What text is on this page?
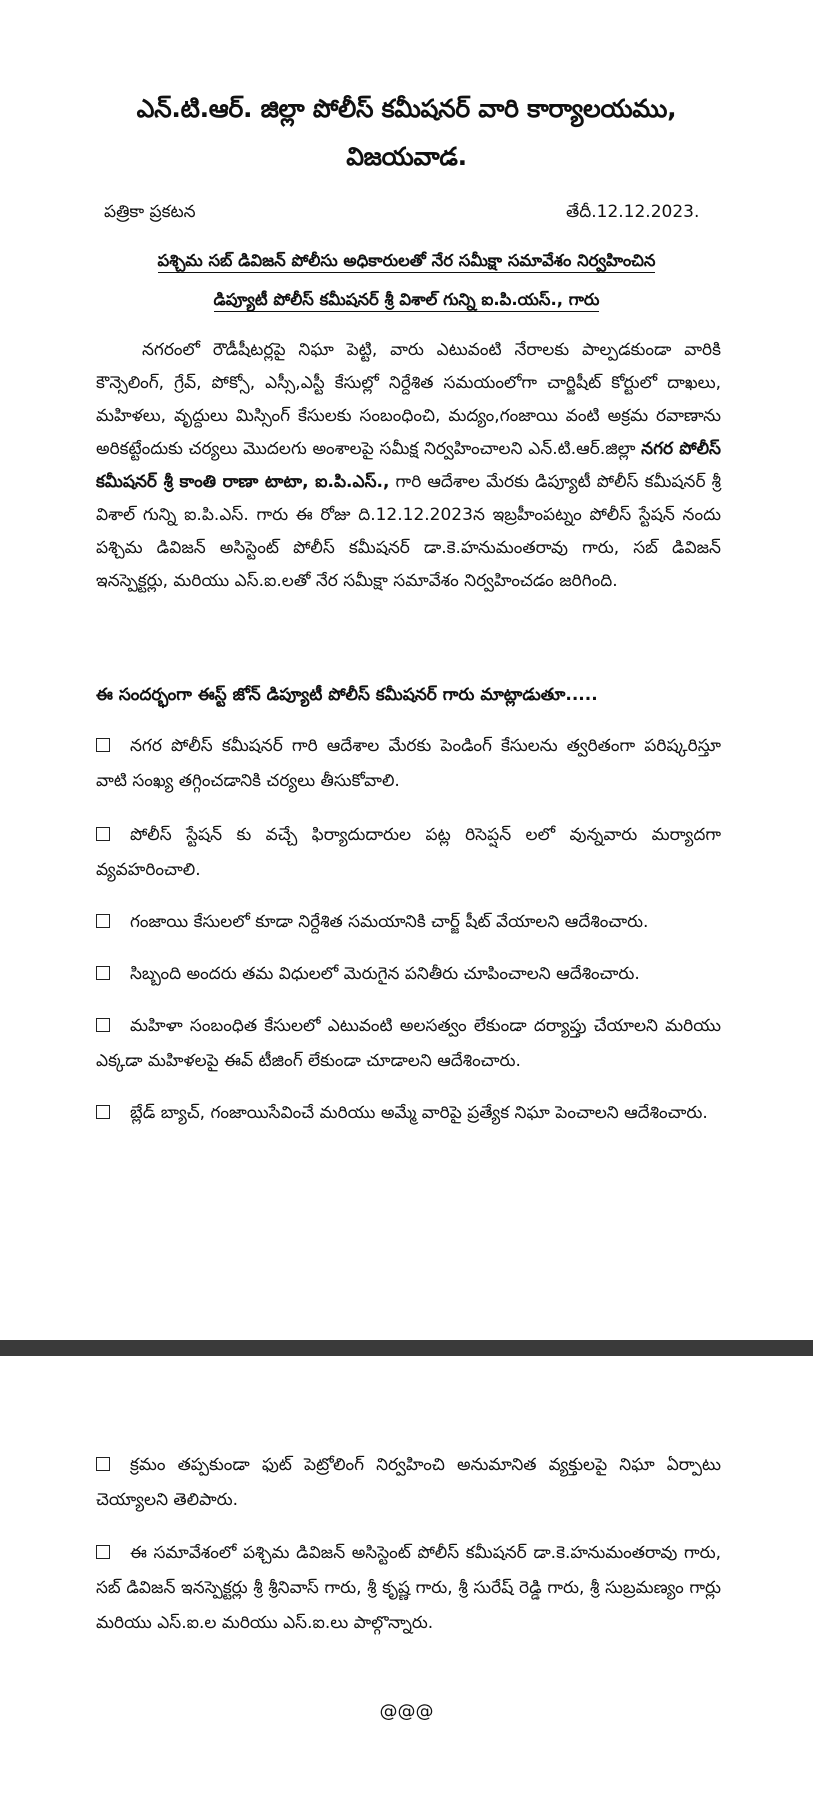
ఎన్.టి.ఆర్. జిల్లా పోలీస్ కమీషనర్ వారి కార్యాలయము,
విజయవాడ.
పత్రికా ప్రకటన	తేదీ.12.12.2023.
పశ్చిమ సబ్ డివిజన్ పోలీసు అధికారులతో నేర సమీక్షా సమావేశం నిర్వహించిన
డిప్యూటీ పోలీస్ కమీషనర్ శ్రీ విశాల్ గున్ని ఐ.పి.యస్., గారు
నగరంలో రౌడీషీటర్లపై నిఘా పెట్టి, వారు ఎటువంటి నేరాలకు పాల్పడకుండా వారికి కౌన్సెలింగ్, గ్రేవ్, పోక్సో, ఎస్సీ,ఎస్టీ కేసుల్లో నిర్దేశిత సమయంలోగా చార్జిషీట్ కోర్టులో దాఖలు, మహిళలు, వృద్దులు మిస్సింగ్ కేసులకు సంబంధించి, మద్యం,గంజాయి వంటి అక్రమ రవాణాను అరికట్టేందుకు చర్యలు మొదలగు అంశాలపై సమీక్ష నిర్వహించాలని ఎన్.టి.ఆర్.జిల్లా నగర పోలీస్ కమీషనర్ శ్రీ కాంతి రాణా టాటా, ఐ.పి.ఎస్., గారి ఆదేశాల మేరకు డిప్యూటీ పోలీస్ కమీషనర్ శ్రీ విశాల్ గున్ని ఐ.పి.ఎస్. గారు ఈ రోజు ది.12.12.2023న ఇబ్రహీంపట్నం పోలీస్ స్టేషన్ నందు పశ్చిమ డివిజన్ అసిస్టెంట్ పోలీస్ కమీషనర్ డా.కె.హనుమంతరావు గారు, సబ్ డివిజన్ ఇనస్పెక్టర్లు, మరియు ఎస్.ఐ.లతో నేర సమీక్షా సమావేశం నిర్వహించడం జరిగింది.
ఈ సందర్భంగా ఈస్ట్ జోన్ డిప్యూటీ పోలీస్ కమీషనర్ గారు మాట్లాడుతూ.....
నగర పోలీస్ కమీషనర్ గారి ఆదేశాల మేరకు పెండింగ్ కేసులను త్వరితంగా పరిష్కరిస్తూ వాటి సంఖ్య తగ్గించడానికి చర్యలు తీసుకోవాలి.
పోలీస్ స్టేషన్ కు వచ్చే ఫిర్యాదుదారుల పట్ల రిసెప్షన్ లలో వున్నవారు మర్యాదగా వ్యవహరించాలి.
గంజాయి కేసులలో కూడా నిర్దేశిత సమయానికి చార్జ్ షీట్ వేయాలని ఆదేశించారు.
సిబ్బంది అందరు తమ విధులలో మెరుగైన పనితీరు చూపించాలని ఆదేశించారు.
మహిళా సంబంధిత కేసులలో ఎటువంటి అలసత్వం లేకుండా దర్యాప్తు చేయాలని మరియు ఎక్కడా మహిళలపై ఈవ్ టీజింగ్ లేకుండా చూడాలని ఆదేశించారు.
బ్లేడ్ బ్యాచ్, గంజాయిసేవించే మరియు అమ్మే వారిపై ప్రత్యేక నిఘా పెంచాలని ఆదేశించారు.
క్రమం తప్పకుండా ఫుట్ పెట్రోలింగ్ నిర్వహించి అనుమానిత వ్యక్తులపై నిఘా ఏర్పాటు చెయ్యాలని తెలిపారు.
ఈ సమావేశంలో పశ్చిమ డివిజన్ అసిస్టెంట్ పోలీస్ కమీషనర్ డా.కె.హనుమంతరావు గారు, సబ్ డివిజన్ ఇనస్పెక్టర్లు శ్రీ శ్రీనివాస్ గారు, శ్రీ కృష్ణ గారు, శ్రీ సురేష్ రెడ్డి గారు, శ్రీ సుబ్రమణ్యం గార్లు మరియు ఎస్.ఐ.ల మరియు ఎస్.ఐ.లు పాల్గొన్నారు.
@@@
